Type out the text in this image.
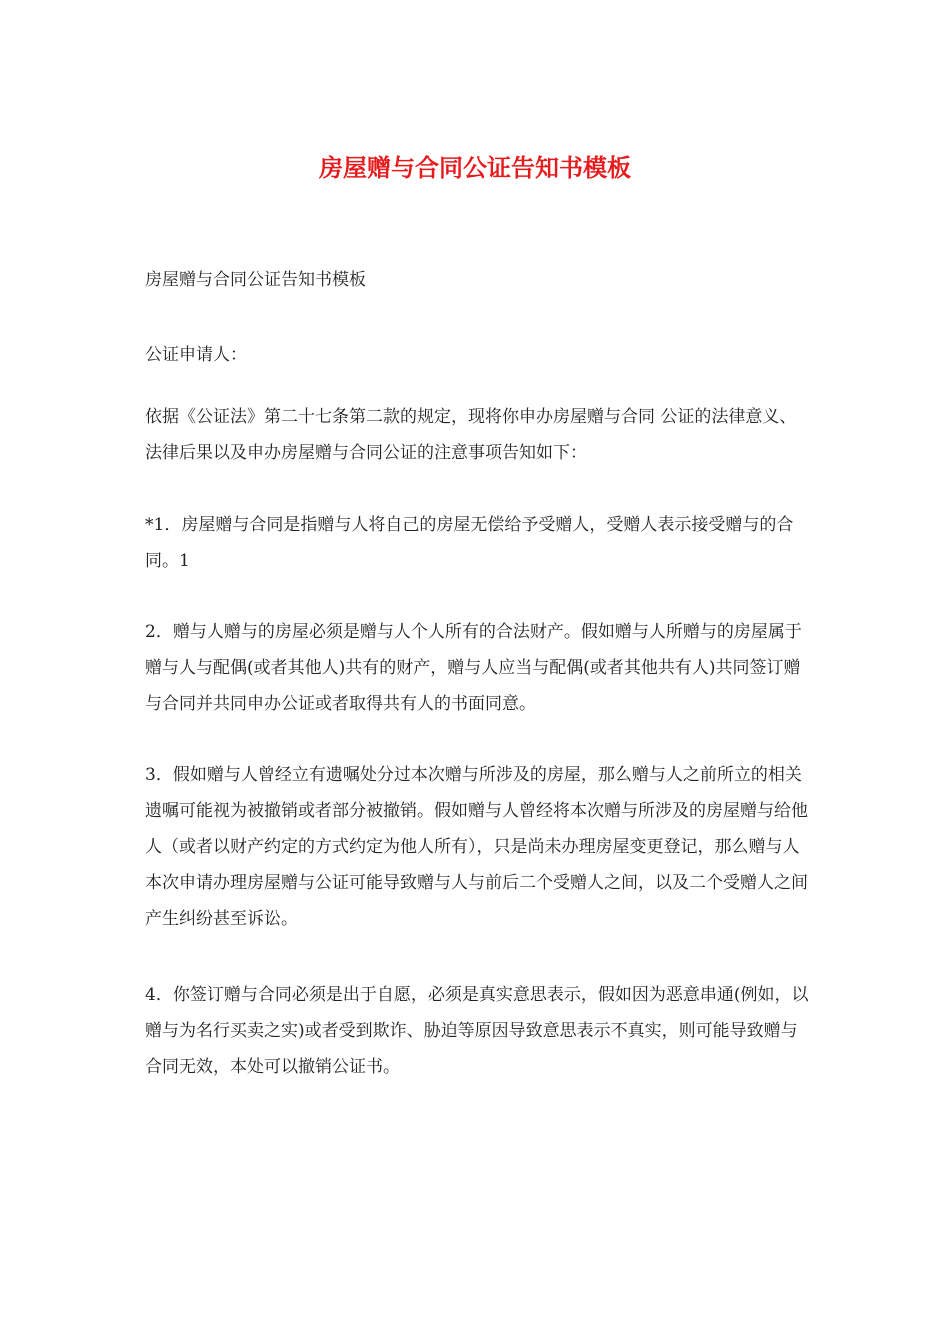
房屋赠与合同公证告知书模板

房屋赠与合同公证告知书模板

公证申请人：

依据《公证法》第二十七条第二款的规定，现将你申办房屋赠与合同 公证的法律意义、法律后果以及申办房屋赠与合同公证的注意事项告知如下：

*1．房屋赠与合同是指赠与人将自己的房屋无偿给予受赠人，受赠人表示接受赠与的合同。1

2．赠与人赠与的房屋必须是赠与人个人所有的合法财产。假如赠与人所赠与的房屋属于赠与人与配偶(或者其他人)共有的财产，赠与人应当与配偶(或者其他共有人)共同签订赠与合同并共同申办公证或者取得共有人的书面同意。

3．假如赠与人曾经立有遗嘱处分过本次赠与所涉及的房屋，那么赠与人之前所立的相关遗嘱可能视为被撤销或者部分被撤销。假如赠与人曾经将本次赠与所涉及的房屋赠与给他人（或者以财产约定的方式约定为他人所有），只是尚未办理房屋变更登记，那么赠与人本次申请办理房屋赠与公证可能导致赠与人与前后二个受赠人之间，以及二个受赠人之间产生纠纷甚至诉讼。

4．你签订赠与合同必须是出于自愿，必须是真实意思表示，假如因为恶意串通(例如，以赠与为名行买卖之实)或者受到欺诈、胁迫等原因导致意思表示不真实，则可能导致赠与合同无效，本处可以撤销公证书。
